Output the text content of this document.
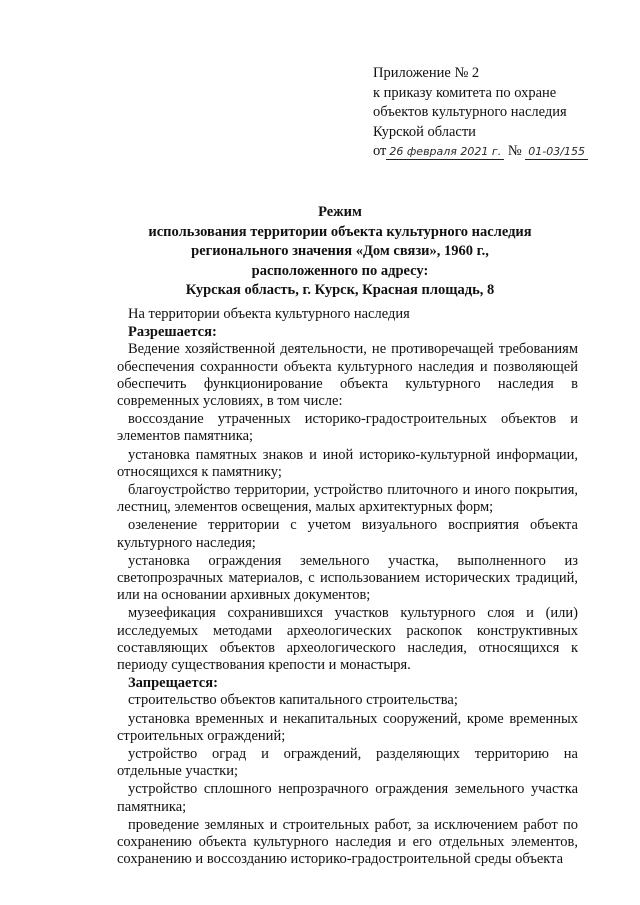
Приложение № 2
к приказу комитета по охране
объектов культурного наследия
Курской области
от 26 февраля 2021 г. № 01-03/155
Режим
использования территории объекта культурного наследия
регионального значения «Дом связи», 1960 г.,
расположенного по адресу:
Курская область, г. Курск, Красная площадь, 8

На территории объекта культурного наследия

Разрешается:

Ведение хозяйственной деятельности, не противоречащей требованиям обеспечения сохранности объекта культурного наследия и позволяющей обеспечить функционирование объекта культурного наследия в современных условиях, в том числе:

воссоздание утраченных историко-градостроительных объектов и элементов памятника;

установка памятных знаков и иной историко-культурной информации, относящихся к памятнику;

благоустройство территории, устройство плиточного и иного покрытия, лестниц, элементов освещения, малых архитектурных форм;

озеленение территории с учетом визуального восприятия объекта культурного наследия;

установка ограждения земельного участка, выполненного из светопрозрачных материалов, с использованием исторических традиций, или на основании архивных документов;

музеефикация сохранившихся участков культурного слоя и (или) исследуемых методами археологических раскопок конструктивных составляющих объектов археологического наследия, относящихся к периоду существования крепости и монастыря.

Запрещается:

строительство объектов капитального строительства;

установка временных и некапитальных сооружений, кроме временных строительных ограждений;

устройство оград и ограждений, разделяющих территорию на отдельные участки;

устройство сплошного непрозрачного ограждения земельного участка памятника;

проведение земляных и строительных работ, за исключением работ по сохранению объекта культурного наследия и его отдельных элементов, сохранению и воссозданию историко-градостроительной среды объекта
